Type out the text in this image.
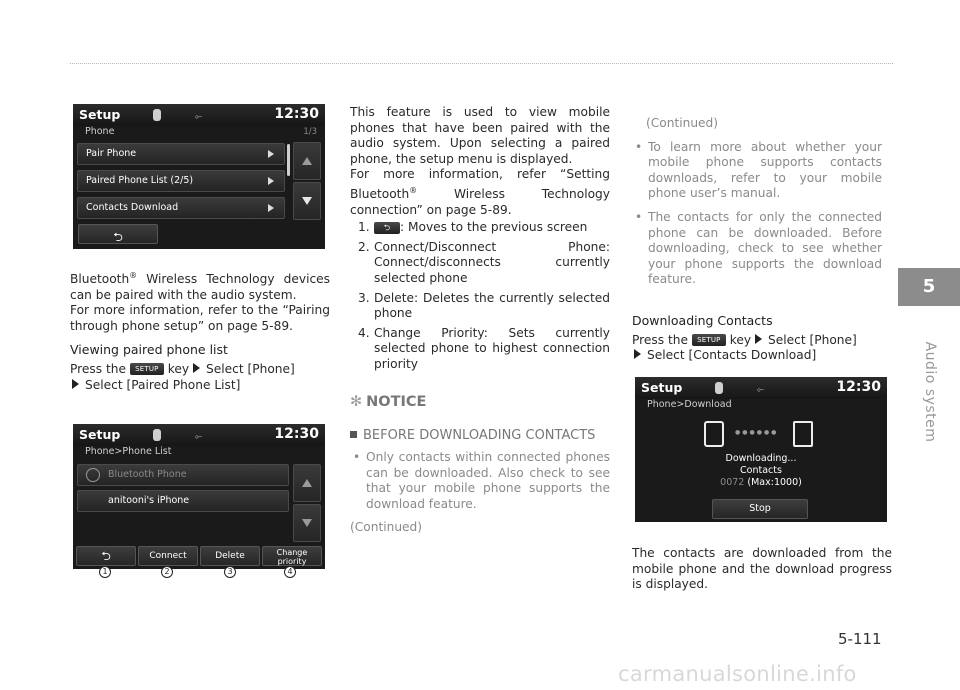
Setup	⟜	12:30
Phone	1/3
Pair Phone
Paired Phone List (2/5)
Contacts Download
⮌

Bluetooth® Wireless Technology devices can be paired with the audio system.

For more information, refer to the “Pairing through phone setup” on page 5-89.

Viewing paired phone list

Press the SETUP key Select [Phone]
Select [Paired Phone List]

Setup	⟜	12:30
Phone>Phone List
Bluetooth Phone
anitooni's iPhone
⮌	Connect	Delete	Change
priority
1	2	3	4

This feature is used to view mobile phones that have been paired with the audio system. Upon selecting a paired phone, the setup menu is displayed.

For more information, refer “Setting Bluetooth® Wireless Technology connection” on page 5-89.

1. ⮌ : Moves to the previous screen

2. Connect/Disconnect Phone: Connect/disconnects currently selected phone

3. Delete: Deletes the currently selected phone

4. Change Priority: Sets currently selected phone to highest connection priority

✻ NOTICE

BEFORE DOWNLOADING CONTACTS

• Only contacts within connected phones can be downloaded. Also check to see that your mobile phone supports the download feature.

(Continued)

(Continued)

• To learn more about whether your mobile phone supports contacts downloads, refer to your mobile phone user’s manual.

• The contacts for only the connected phone can be downloaded. Before downloading, check to see whether your phone supports the download feature.

Downloading Contacts

Press the SETUP key Select [Phone]
Select [Contacts Download]

Setup	⟜	12:30
Phone>Download
●●●●●●
Downloading...
Contacts
0072 (Max:1000)
Stop
The contacts are downloaded from the mobile phone and the download progress is displayed.
5
Audio system
5-111
carmanualsonline.info
